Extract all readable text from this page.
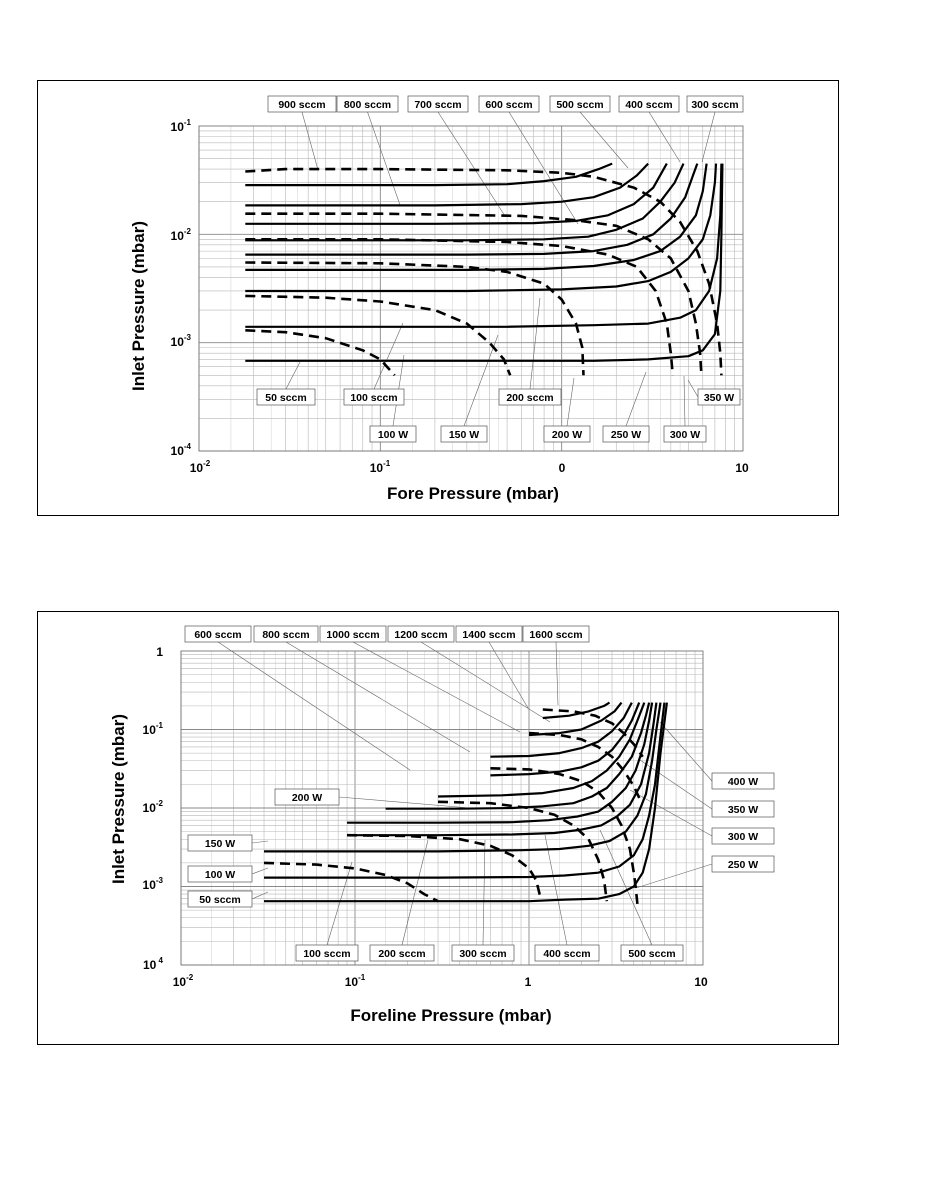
900 sccm 800 sccm 700 sccm 600 sccm 500 sccm 400 sccm 300 sccm
50 sccm	100 sccm	200 sccm	350 W
100 W	150 W	200 W	250 W	300 W
$10^{-2}$	$10^{-1}$	0	10
$10^{-1}$
$10^{-2}$
$10^{-3}$
$10^{-4}$
Fore Pressure (mbar)
Inlet Pressure (mbar)
600 sccm 800 sccm 1000 sccm 1200 sccm 1400 sccm 1600 sccm
200 W
150 W
100 W
50 sccm
400 W
350 W
300 W
250 W
100 sccm	200 sccm	300 sccm	400 sccm	500 sccm
$10^{-2}$	$10^{-1}$	1	10
1
$10^{-1}$
$10^{-2}$
$10^{-3}$
10 $^4$
Foreline Pressure (mbar)
Inlet Pressure (mbar)
